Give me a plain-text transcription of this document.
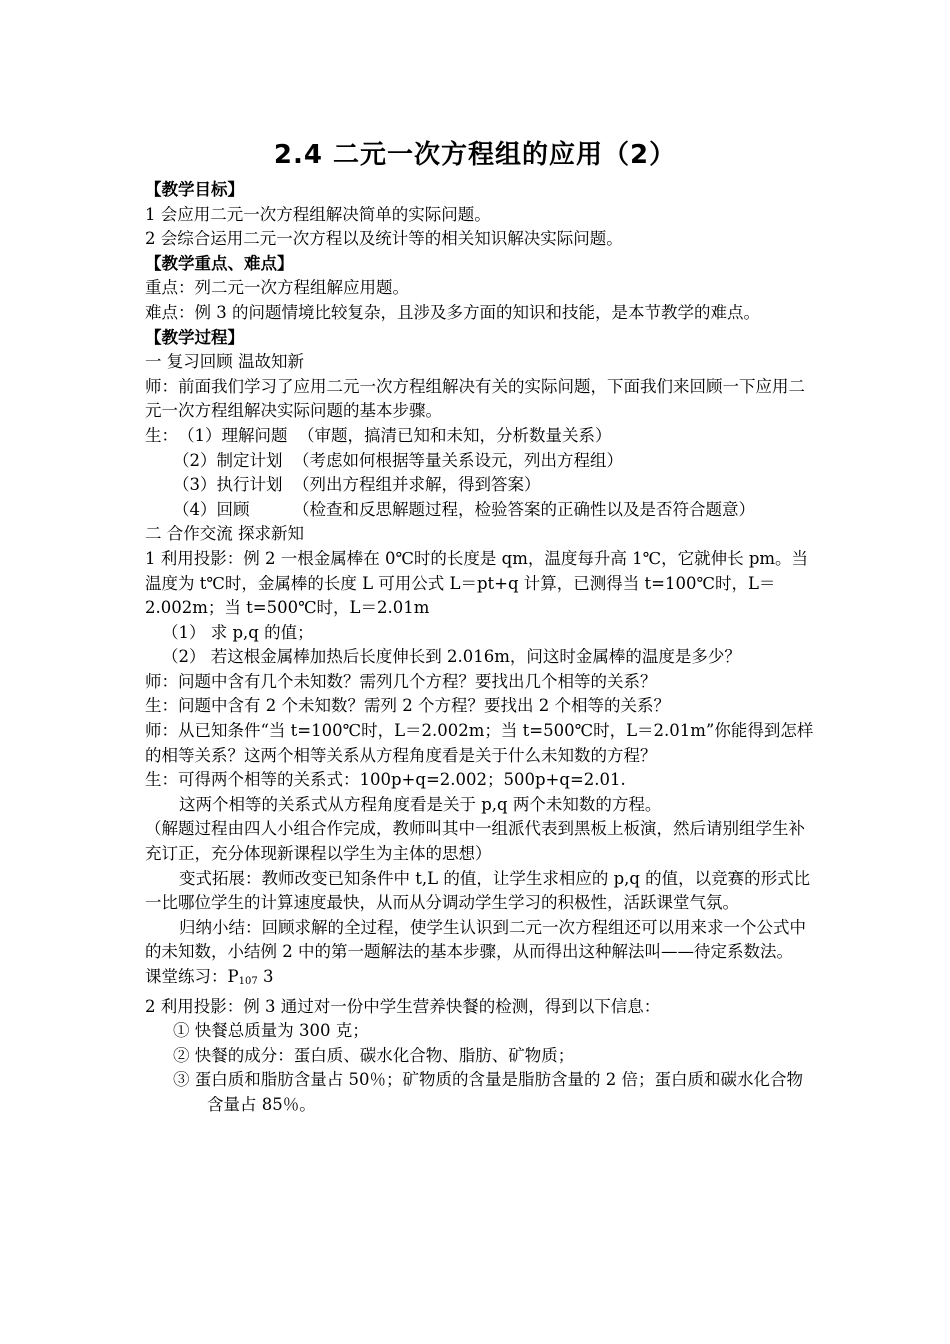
2.4 二元一次方程组的应用（2）

【教学目标】

1 会应用二元一次方程组解决简单的实际问题。

2 会综合运用二元一次方程以及统计等的相关知识解决实际问题。

【教学重点、难点】

重点：列二元一次方程组解应用题。

难点：例 3 的问题情境比较复杂，且涉及多方面的知识和技能，是本节教学的难点。

【教学过程】

一 复习回顾 温故知新

师：前面我们学习了应用二元一次方程组解决有关的实际问题，下面我们来回顾一下应用二元一次方程组解决实际问题的基本步骤。

生：（1）理解问题 （审题，搞清已知和未知，分析数量关系）

（2）制定计划 （考虑如何根据等量关系设元，列出方程组）

（3）执行计划 （列出方程组并求解，得到答案）

（4）回顾	（检查和反思解题过程，检验答案的正确性以及是否符合题意）

二 合作交流 探求新知

1 利用投影：例 2 一根金属棒在 0℃时的长度是 qm，温度每升高 1℃，它就伸长 pm。当温度为 t℃时，金属棒的长度 L 可用公式 L＝pt+q 计算，已测得当 t=100℃时，L＝2.002m；当 t=500℃时，L＝2.01m

（1） 求 p,q 的值；

（2） 若这根金属棒加热后长度伸长到 2.016m，问这时金属棒的温度是多少？

师：问题中含有几个未知数？需列几个方程？要找出几个相等的关系？

生：问题中含有 2 个未知数？需列 2 个方程？要找出 2 个相等的关系？

师：从已知条件“当 t=100℃时，L＝2.002m；当 t=500℃时，L＝2.01m”你能得到怎样的相等关系？这两个相等关系从方程角度看是关于什么未知数的方程？

生：可得两个相等的关系式：100p+q=2.002；500p+q=2.01.

这两个相等的关系式从方程角度看是关于 p,q 两个未知数的方程。

（解题过程由四人小组合作完成，教师叫其中一组派代表到黑板上板演，然后请别组学生补充订正，充分体现新课程以学生为主体的思想）

变式拓展：教师改变已知条件中 t,L 的值，让学生求相应的 p,q 的值，以竞赛的形式比一比哪位学生的计算速度最快，从而从分调动学生学习的积极性，活跃课堂气氛。

归纳小结：回顾求解的全过程，使学生认识到二元一次方程组还可以用来求一个公式中的未知数，小结例 2 中的第一题解法的基本步骤，从而得出这种解法叫——待定系数法。

课堂练习：$P_{107}$ 3

2 利用投影：例 3 通过对一份中学生营养快餐的检测，得到以下信息：

① 快餐总质量为 300 克；

② 快餐的成分：蛋白质、碳水化合物、脂肪、矿物质；

③ 蛋白质和脂肪含量占 50％；矿物质的含量是脂肪含量的 2 倍；蛋白质和碳水化合物含量占 85％。
